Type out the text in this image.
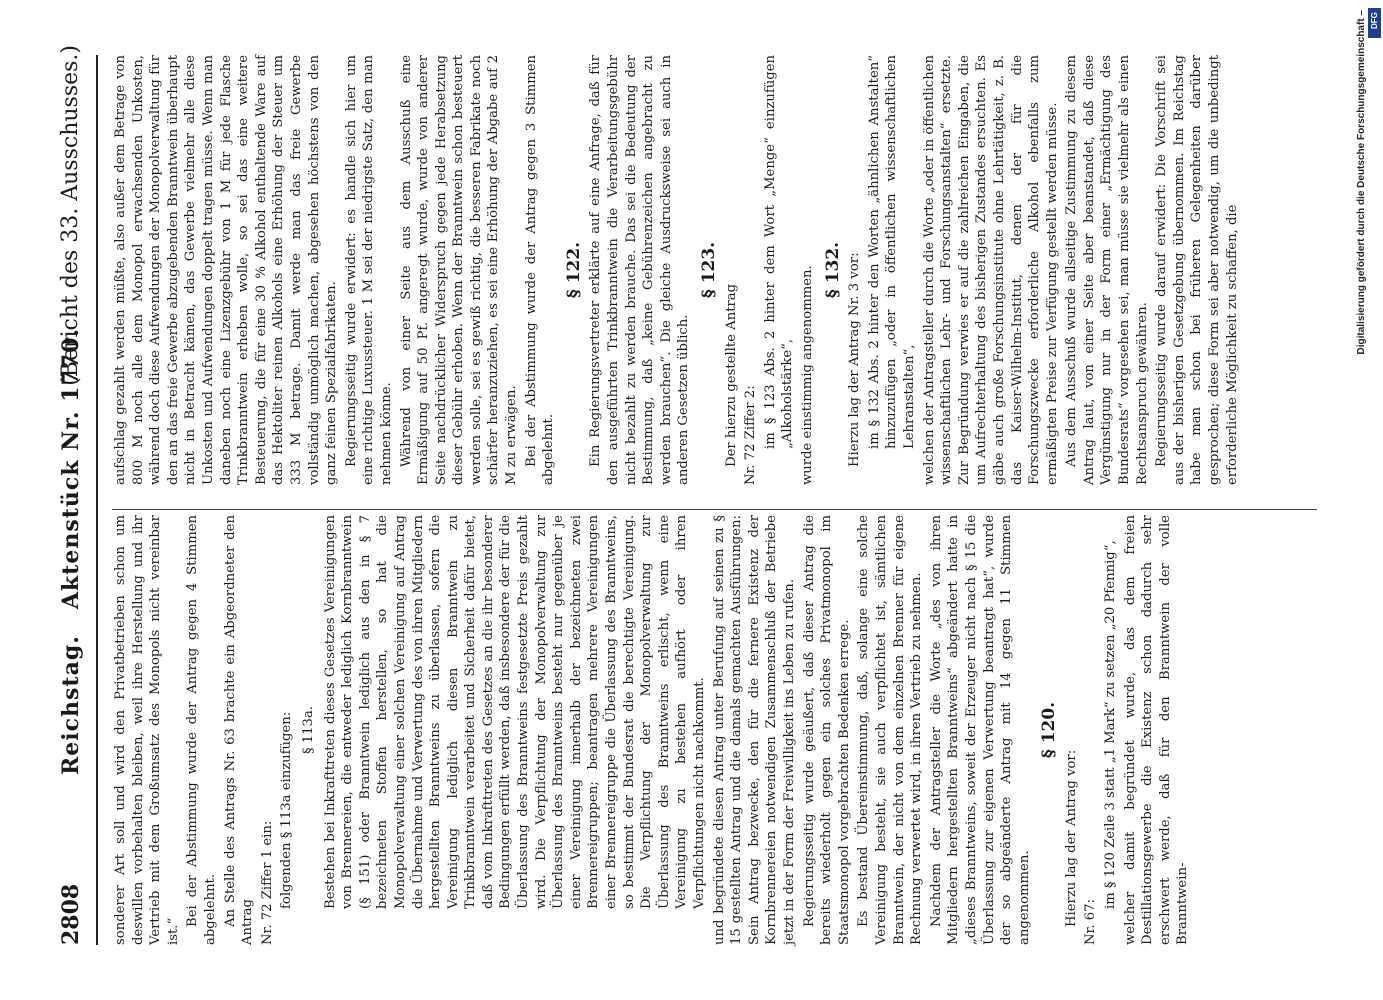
2808
Reichstag.   Aktenstück Nr. 1770.
(Bericht des 33. Ausschusses.)

sonderer Art soll und wird den Privatbetrieben schon um deswillen vorbehalten bleiben, weil ihre Herstellung und ihr Vertrieb mit dem Großumsatz des Monopols nicht vereinbar ist.“

Bei der Abstimmung wurde der Antrag gegen 4 Stimmen abgelehnt. An Stelle des Antrags Nr. 63 brachte ein Abgeordneter den Antrag Nr. 72 Ziffer 1 ein: folgenden § 113a einzufügen: § 113a. Bestehen bei Inkrafttreten dieses Gesetzes Vereinigungen von Brennereien, die entweder lediglich Kornbranntwein (§ 151) oder Branntwein lediglich aus den in § 7 bezeichneten Stoffen herstellen, so hat die Monopolverwaltung einer solchen Vereinigung auf Antrag die Übernahme und Verwertung des von ihren Mitgliedern hergestellten Branntweins zu überlassen, sofern die Vereinigung lediglich diesen Branntwein zu Trinkbranntwein verarbeitet und Sicherheit dafür bietet, daß vom Inkrafttreten des Gesetzes an die ihr besonderer Bedingungen erfüllt werden, daß insbesondere der für die Überlassung des Branntweins festgesetzte Preis gezahlt wird. Die Verpflichtung der Monopolverwaltung zur Überlassung des Branntweins besteht nur gegenüber je einer Vereinigung innerhalb der bezeichneten zwei Brennereigruppen; beantragen mehrere Vereinigungen einer Brennereigruppe die Überlassung des Branntweins, so bestimmt der Bundesrat die berechtigte Vereinigung. Die Verpflichtung der Monopolverwaltung zur Überlassung des Branntweins erlischt, wenn eine Vereinigung zu bestehen aufhört oder ihren Verpflichtungen nicht nachkommt. und begründete diesen Antrag unter Berufung auf seinen zu § 15 gestellten Antrag und die damals gemachten Ausführungen: Sein Antrag bezwecke, den für die fernere Existenz der Kornbrennereien notwendigen Zusammenschluß der Betriebe jetzt in der Form der Freiwilligkeit ins Leben zu rufen. Regierungsseitig wurde geäußert, daß dieser Antrag die bereits wiederholt gegen ein solches Privatmonopol im Staatsmonopol vorgebrachten Bedenken errege. Es bestand Übereinstimmung, daß, solange eine solche Vereinigung besteht, sie auch verpflichtet ist, sämtlichen Branntwein, der nicht von dem einzelnen Brenner für eigene Rechnung verwertet wird, in ihren Vertrieb zu nehmen. Nachdem der Antragsteller die Worte „des von ihren Mitgliedern hergestellten Branntweins“ abgeändert hatte in „dieses Branntweins, soweit der Erzeuger nicht nach § 15 die Überlassung zur eigenen Verwertung beantragt hat“, wurde der so abgeänderte Antrag mit 14 gegen 11 Stimmen angenommen.

§ 120.

Hierzu lag der Antrag vor: Nr. 67:

im § 120 Zeile 3 statt „1 Mark“ zu setzen „20 Pfennig“, welcher damit begründet wurde, das dem freien Destillationsgewerbe die Existenz schon dadurch sehr erschwert werde, daß für den Branntwein der volle Branntwein-

aufschlag gezahlt werden müßte, also außer dem Betrage von 800 M noch alle dem Monopol erwachsenden Unkosten, während doch diese Aufwendungen der Monopolverwaltung für den an das freie Gewerbe abzugebenden Branntwein überhaupt nicht in Betracht kämen, das Gewerbe vielmehr alle diese Unkosten und Aufwendungen doppelt tragen müsse. Wenn man daneben noch eine Lizenzgebühr von 1 M für jede Flasche Trinkbranntwein erheben wolle, so sei das eine weitere Besteuerung, die für eine 30 % Alkohol enthaltende Ware auf das Hektoliter reinen Alkohols eine Erhöhung der Steuer um 333 M betrage. Damit werde man das freie Gewerbe vollständig unmöglich machen, abgesehen höchstens von den ganz feinen Spezialfabrikaten. Regierungsseitig wurde erwidert: es handle sich hier um eine richtige Luxussteuer. 1 M sei der niedrigste Satz, den man nehmen könne. Während von einer Seite aus dem Ausschuß eine Ermäßigung auf 50 Pf. angeregt wurde, wurde von anderer Seite nachdrücklicher Widerspruch gegen jede Herabsetzung dieser Gebühr erhoben. Wenn der Branntwein schon besteuert werden solle, sei es gewiß richtig, die besseren Fabrikate noch schärfer heranzuziehen, es sei eine Erhöhung der Abgabe auf 2 M zu erwägen. Bei der Abstimmung wurde der Antrag gegen 3 Stimmen abgelehnt.

§ 122. Ein Regierungsvertreter erklärte auf eine Anfrage, daß für den ausgeführten Trinkbranntwein die Verarbeitungsgebühr nicht bezahlt zu werden brauche. Das sei die Bedeutung der Bestimmung, daß „keine Gebührenzeichen angebracht zu werden brauchen“. Die gleiche Ausdrucksweise sei auch in anderen Gesetzen üblich.

§ 123.

Der hierzu gestellte Antrag Nr. 72 Ziffer 2: im § 123 Abs. 2 hinter dem Wort „Menge“ einzufügen „Alkoholstärke“, wurde einstimmig angenommen. § 132. Hierzu lag der Antrag Nr. 3 vor: im § 132 Abs. 2 hinter den Worten „ähnlichen Anstalten“ hinzuzufügen „oder in öffentlichen wissenschaftlichen Lehranstalten“, welchen der Antragsteller durch die Worte „oder in öffentlichen wissenschaftlichen Lehr- und Forschungsanstalten“ ersetzte. Zur Begründung verwies er auf die zahlreichen Eingaben, die um Aufrechterhaltung des bisherigen Zustandes ersuchten. Es gäbe auch große Forschungsinstitute ohne Lehrtätigkeit, z. B. das Kaiser-Wilhelm-Institut, denen der für die Forschungszwecke erforderliche Alkohol ebenfalls zum ermäßigten Preise zur Verfügung gestellt werden müsse. Aus dem Ausschuß wurde allseitige Zustimmung zu diesem Antrag laut, von einer Seite aber beanstandet, daß diese Vergünstigung nur in der Form einer „Ermächtigung des Bundesrats“ vorgesehen sei, man müsse sie vielmehr als einen Rechtsanspruch gewähren. Regierungsseitig wurde darauf erwidert: Die Vorschrift sei aus der bisherigen Gesetzgebung übernommen. Im Reichstag habe man schon bei früheren Gelegenheiten darüber gesprochen; diese Form sei aber notwendig, um die unbedingt erforderliche Möglichkeit zu schaffen, die	Digitalisierung gefördert durch die Deutsche Forschungsgemeinschaft – DFG
